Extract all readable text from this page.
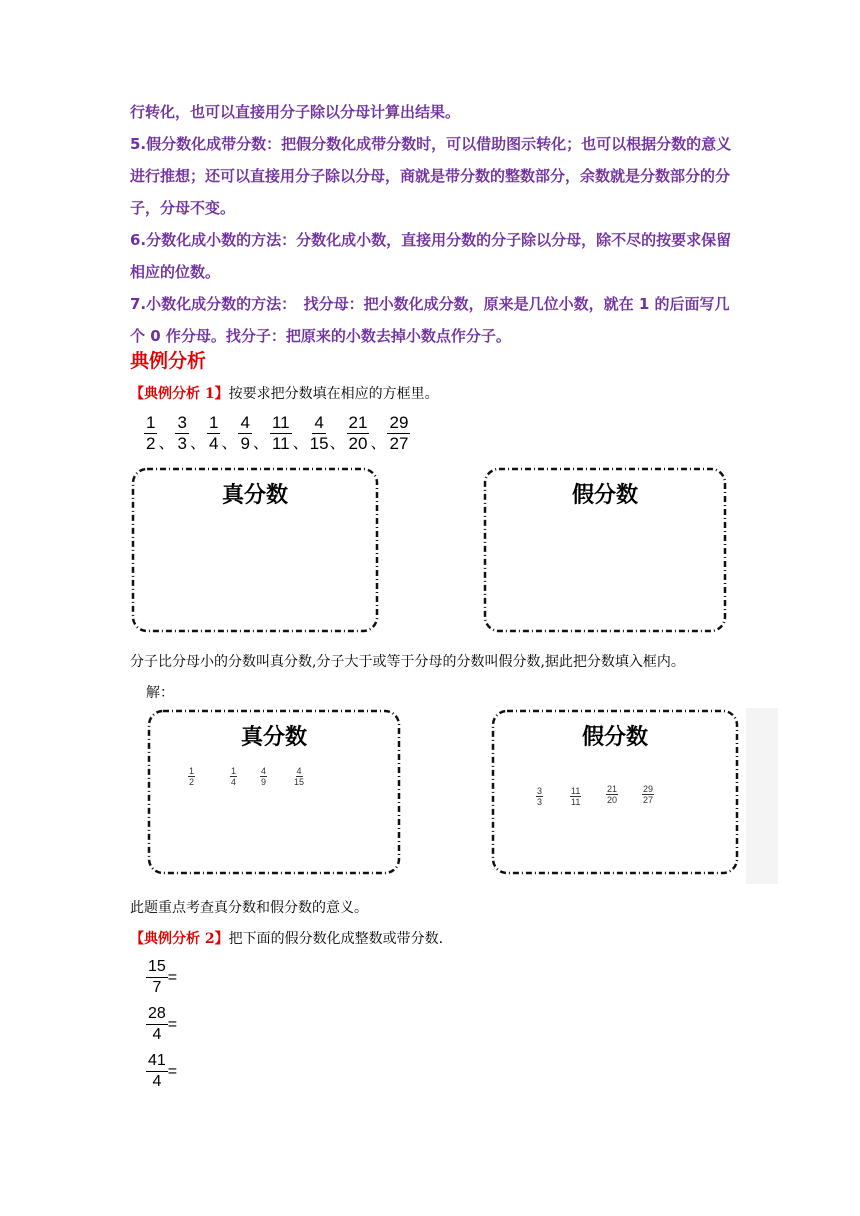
行转化，也可以直接用分子除以分母计算出结果。
5.假分数化成带分数：把假分数化成带分数时，可以借助图示转化；也可以根据分数的意义进行推想；还可以直接用分子除以分母，商就是带分数的整数部分，余数就是分数部分的分子，分母不变。
6.分数化成小数的方法：分数化成小数，直接用分数的分子除以分母，除不尽的按要求保留相应的位数。
7.小数化成分数的方法：　找分母：把小数化成分数，原来是几位小数，就在 1 的后面写几个 0 作分母。找分子：把原来的小数去掉小数点作分子。
典例分析
【典例分析 1】按要求把分数填在相应的方框里。
$\frac{1}{2}$ 、 $\frac{3}{3}$ 、 $\frac{1}{4}$ 、 $\frac{4}{9}$ 、 $\frac{11}{11}$ 、 $\frac{4}{15}$ 、 $\frac{21}{20}$ 、 $\frac{29}{27}$
真分数	假分数
分子比分母小的分数叫真分数,分子大于或等于分母的分数叫假分数,据此把分数填入框内。
解：
真分数
$\frac{1}{2}$	$\frac{1}{4}$	$\frac{4}{9}$	$\frac{4}{15}$
假分数
$\frac{3}{3}$	$\frac{11}{11}$	$\frac{21}{20}$	$\frac{29}{27}$
此题重点考查真分数和假分数的意义。
【典例分析 2】把下面的假分数化成整数或带分数.
$\frac{15}{7}$ =
$\frac{28}{4}$ =
$\frac{41}{4}$ =
